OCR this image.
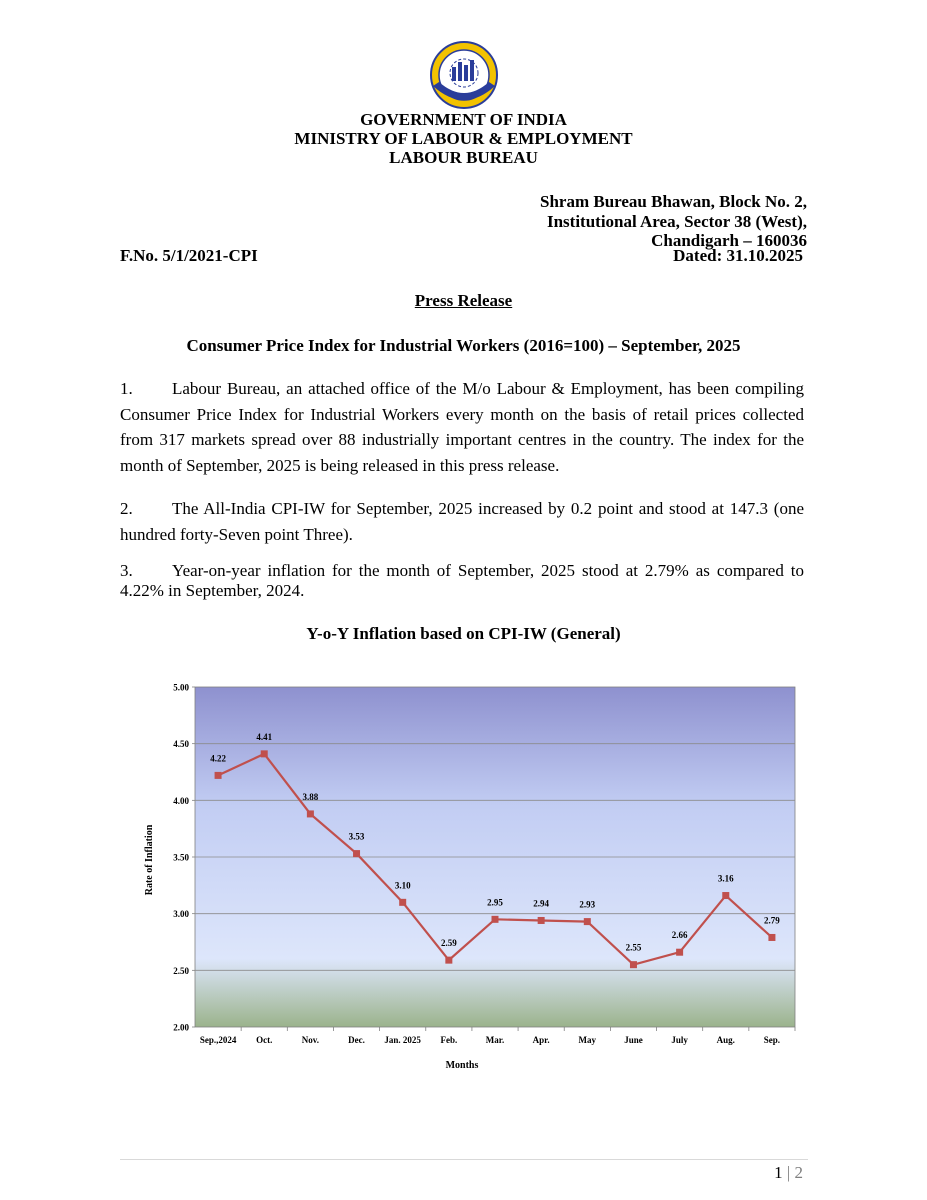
GOVERNMENT OF INDIA
MINISTRY OF LABOUR & EMPLOYMENT
LABOUR BUREAU
Shram Bureau Bhawan, Block No. 2,
Institutional Area, Sector 38 (West),
Chandigarh – 160036
F.No. 5/1/2021-CPI	Dated: 31.10.2025
Press Release
Consumer Price Index for Industrial Workers (2016=100) – September, 2025
1. Labour Bureau, an attached office of the M/o Labour & Employment, has been compiling Consumer Price Index for Industrial Workers every month on the basis of retail prices collected from 317 markets spread over 88 industrially important centres in the country. The index for the month of September, 2025 is being released in this press release.
2. The All-India CPI-IW for September, 2025 increased by 0.2 point and stood at 147.3 (one hundred forty-Seven point Three).
3. Year-on-year inflation for the month of September, 2025 stood at 2.79% as compared to 4.22% in September, 2024.
Y-o-Y Inflation based on CPI-IW (General)
2.00
2.50
3.00
3.50
4.00
4.50
5.00
Sep.,2024 Oct.	Nov.	Dec. Jan. 2025 Feb.	Mar.	Apr.	May	June	July	Aug.	Sep.
4.22
4.41
3.88
3.53
3.10
2.59
2.95	2.94	2.93
2.55
2.66
3.16
2.79
Rate of Inflation
Months
1 | 2
